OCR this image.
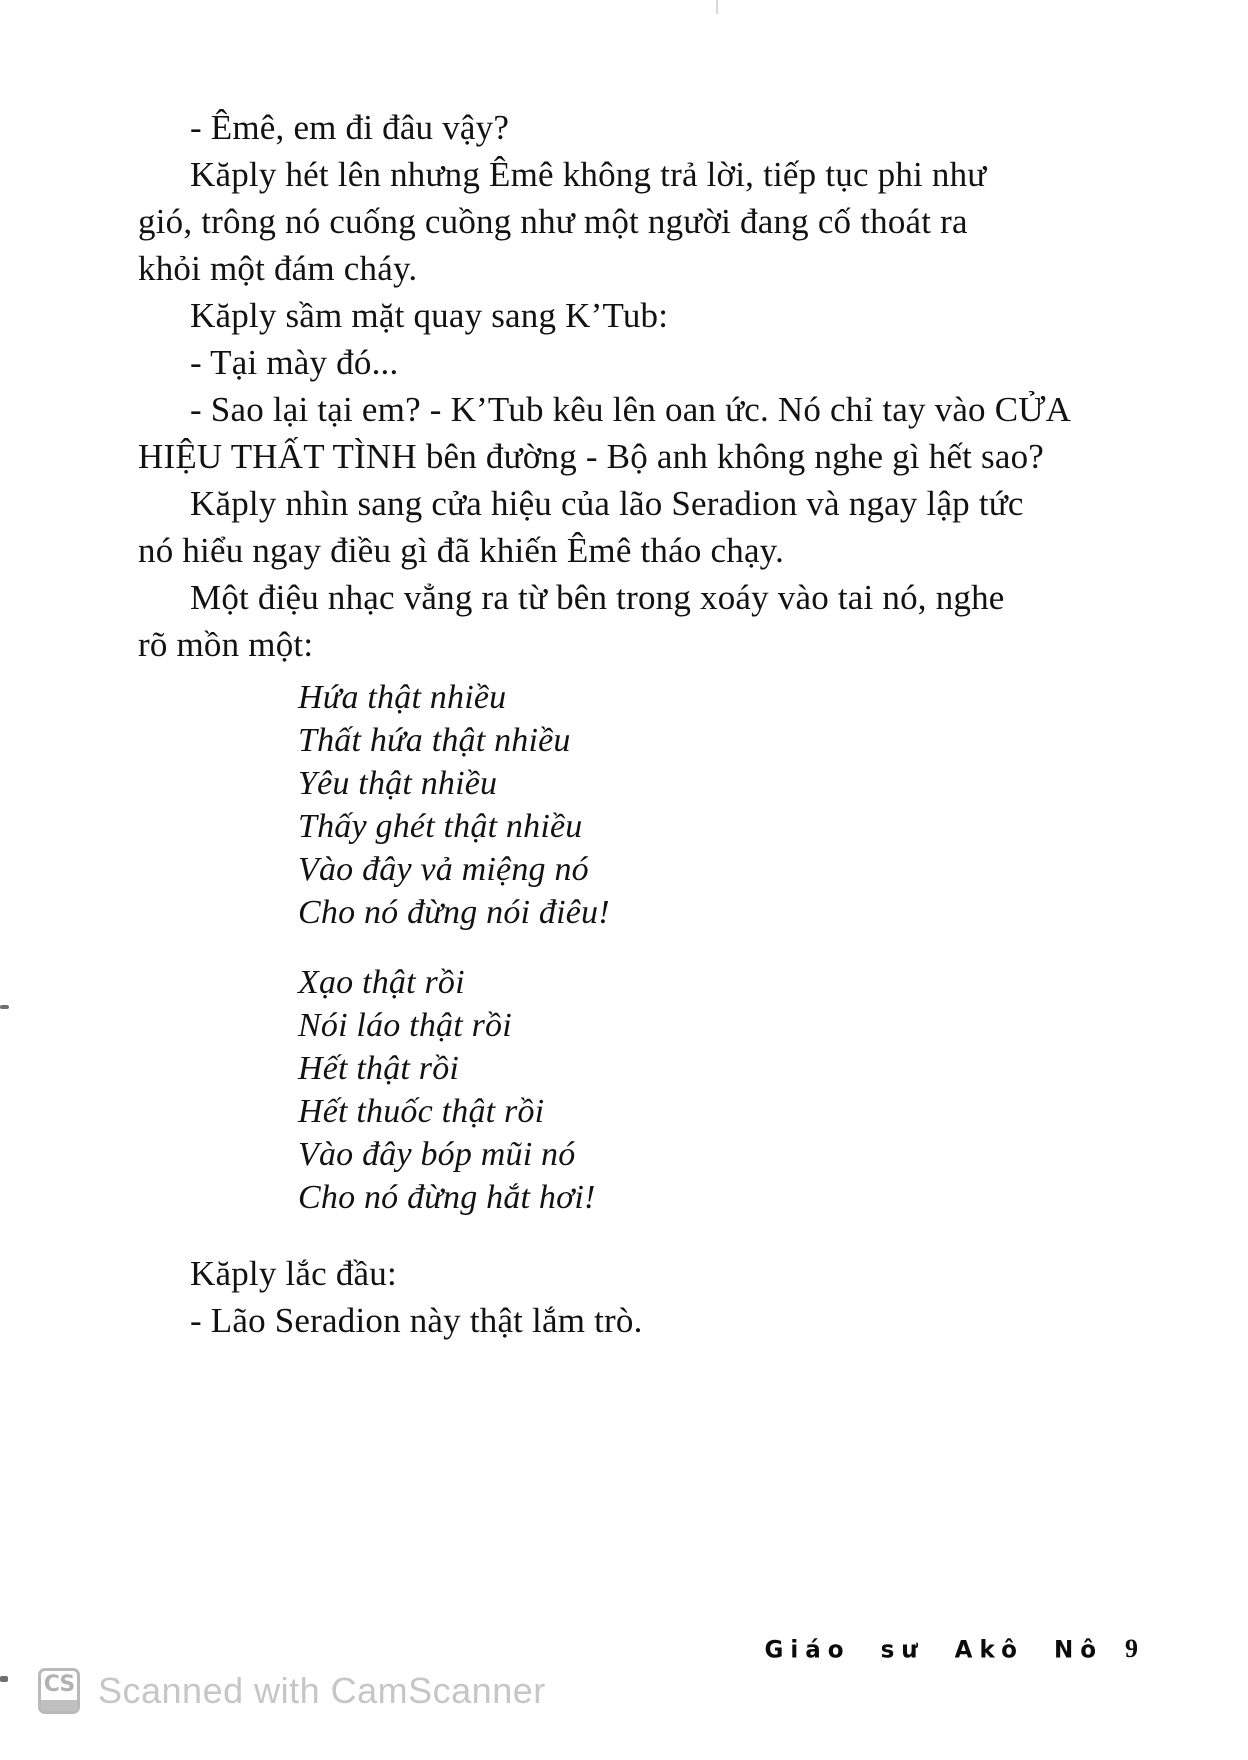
- Êmê, em đi đâu vậy?
Kăply hét lên nhưng Êmê không trả lời, tiếp tục phi như
gió, trông nó cuống cuồng như một người đang cố thoát ra
khỏi một đám cháy.
Kăply sầm mặt quay sang K’Tub:
- Tại mày đó...
- Sao lại tại em? - K’Tub kêu lên oan ức. Nó chỉ tay vào CỬA
HIỆU THẤT TÌNH bên đường - Bộ anh không nghe gì hết sao?
Kăply nhìn sang cửa hiệu của lão Seradion và ngay lập tức
nó hiểu ngay điều gì đã khiến Êmê tháo chạy.
Một điệu nhạc vẳng ra từ bên trong xoáy vào tai nó, nghe
rõ mồn một:
Hứa thật nhiều
Thất hứa thật nhiều
Yêu thật nhiều
Thấy ghét thật nhiều
Vào đây vả miệng nó
Cho nó đừng nói điêu!
Xạo thật rồi
Nói láo thật rồi
Hết thật rồi
Hết thuốc thật rồi
Vào đây bóp mũi nó
Cho nó đừng hắt hơi!
Kăply lắc đầu:
- Lão Seradion này thật lắm trò.
Giáo sư Akô Nô 9
CS Scanned with CamScanner
